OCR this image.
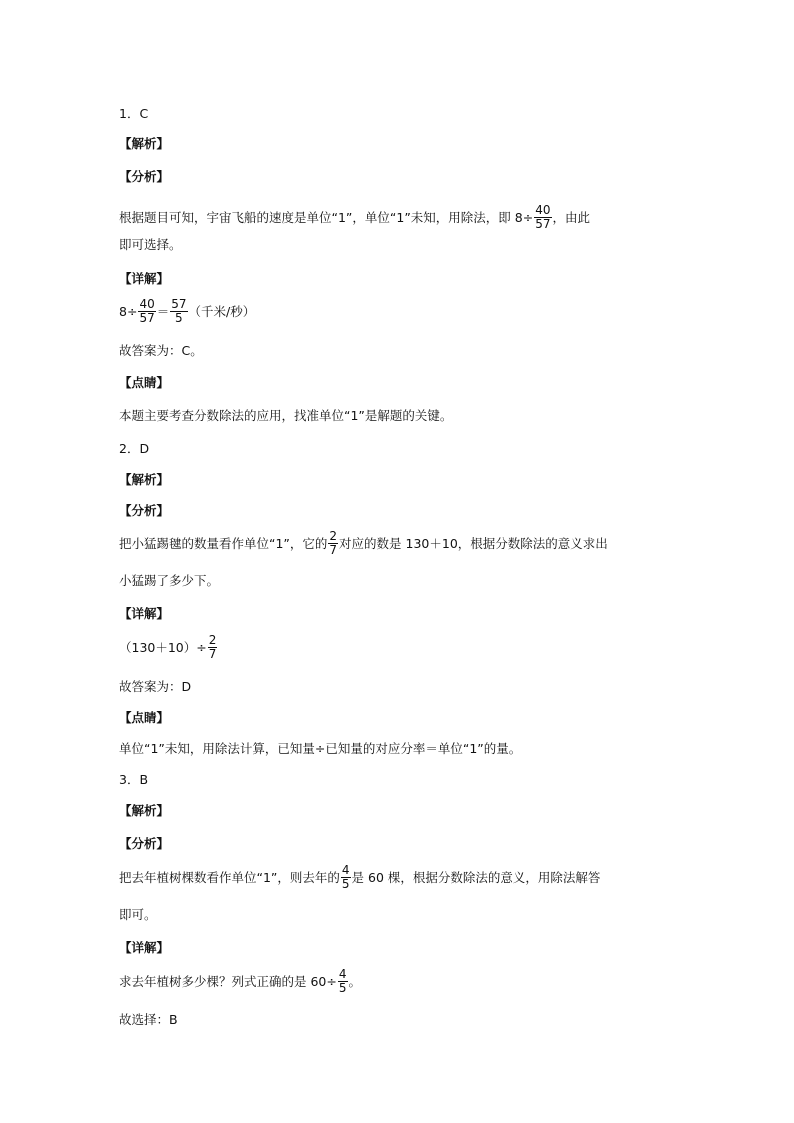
1．C
【解析】
【分析】
根据题目可知，宇宙飞船的速度是单位“1”，单位“1”未知，用除法，即 $8\div \frac{40}{57}$ ，由此
即可选择。
【详解】
$8\div \frac{40}{57} = \frac{57}{5}$ （千米/秒）
故答案为：C。
【点睛】
本题主要考查分数除法的应用，找准单位“1”是解题的关键。
2．D
【解析】
【分析】
把小猛踢毽的数量看作单位“1”，它的 $\frac{2}{7}$ 对应的数是 130＋10，根据分数除法的意义求出
小猛踢了多少下。
【详解】
$(130+10)\div \frac{2}{7}$
故答案为：D
【点睛】
单位“1”未知，用除法计算，已知量÷已知量的对应分率＝单位“1”的量。
3．B
【解析】
【分析】
把去年植树棵数看作单位“1”，则去年的 $\frac{4}{5}$ 是 60 棵，根据分数除法的意义，用除法解答
即可。
【详解】
求去年植树多少棵？列式正确的是 $60\div \frac{4}{5}$ 。
故选择：B
